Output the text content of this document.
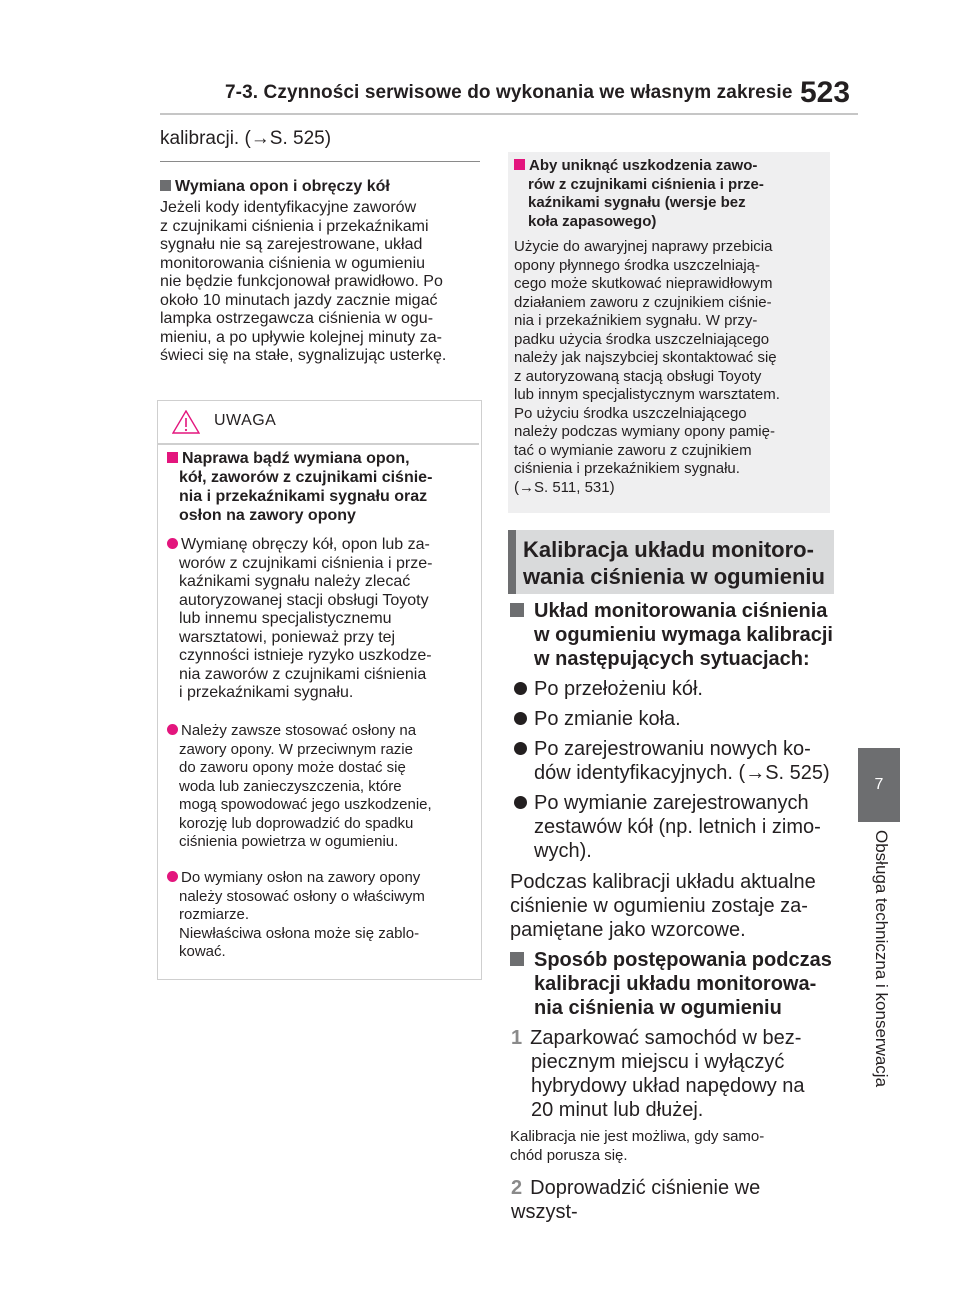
7-3. Czynności serwisowe do wykonania we własnym zakresie 523
7
Obsługa techniczna i konserwacja
kalibracji. (→S. 525)
Wymiana opon i obręczy kół
Jeżeli kody identyfikacyjne zaworów
z czujnikami ciśnienia i przekaźnikami
sygnału nie są zarejestrowane, układ
monitorowania ciśnienia w ogumieniu
nie będzie funkcjonował prawidłowo. Po
około 10 minutach jazdy zacznie migać
lampka ostrzegawcza ciśnienia w ogu-
mieniu, a po upływie kolejnej minuty za-
świeci się na stałe, sygnalizując usterkę.
UWAGA
Naprawa bądź wymiana opon,
kół, zaworów z czujnikami ciśnie-
nia i przekaźnikami sygnału oraz
osłon na zawory opony
Wymianę obręczy kół, opon lub za-
worów z czujnikami ciśnienia i prze-
kaźnikami sygnału należy zlecać
autoryzowanej stacji obsługi Toyoty
lub innemu specjalistycznemu
warsztatowi, ponieważ przy tej
czynności istnieje ryzyko uszkodze-
nia zaworów z czujnikami ciśnienia
i przekaźnikami sygnału.
Należy zawsze stosować osłony na
zawory opony. W przeciwnym razie
do zaworu opony może dostać się
woda lub zanieczyszczenia, które
mogą spowodować jego uszkodzenie,
korozję lub doprowadzić do spadku
ciśnienia powietrza w ogumieniu.
Do wymiany osłon na zawory opony
należy stosować osłony o właściwym
rozmiarze.
Niewłaściwa osłona może się zablo-
kować.
Aby uniknąć uszkodzenia zawo-
rów z czujnikami ciśnienia i prze-
kaźnikami sygnału (wersje bez
koła zapasowego)
Użycie do awaryjnej naprawy przebicia
opony płynnego środka uszczelniają-
cego może skutkować nieprawidłowym
działaniem zaworu z czujnikiem ciśnie-
nia i przekaźnikiem sygnału. W przy-
padku użycia środka uszczelniającego
należy jak najszybciej skontaktować się
z autoryzowaną stacją obsługi Toyoty
lub innym specjalistycznym warsztatem.
Po użyciu środka uszczelniającego
należy podczas wymiany opony pamię-
tać o wymianie zaworu z czujnikiem
ciśnienia i przekaźnikiem sygnału.
(→S. 511, 531)
Kalibracja układu monitoro-
wania ciśnienia w ogumieniu
Układ monitorowania ciśnienia
w ogumieniu wymaga kalibracji
w następujących sytuacjach:
Po przełożeniu kół.
Po zmianie koła.
Po zarejestrowaniu nowych ko-
dów identyfikacyjnych. (→S. 525)
Po wymianie zarejestrowanych
zestawów kół (np. letnich i zimo-
wych).
Podczas kalibracji układu aktualne
ciśnienie w ogumieniu zostaje za-
pamiętane jako wzorcowe.
Sposób postępowania podczas
kalibracji układu monitorowa-
nia ciśnienia w ogumieniu
1 Zaparkować samochód w bez-
piecznym miejscu i wyłączyć
hybrydowy układ napędowy na
20 minut lub dłużej.
Kalibracja nie jest możliwa, gdy samo-
chód porusza się.
2 Doprowadzić ciśnienie we wszyst-
